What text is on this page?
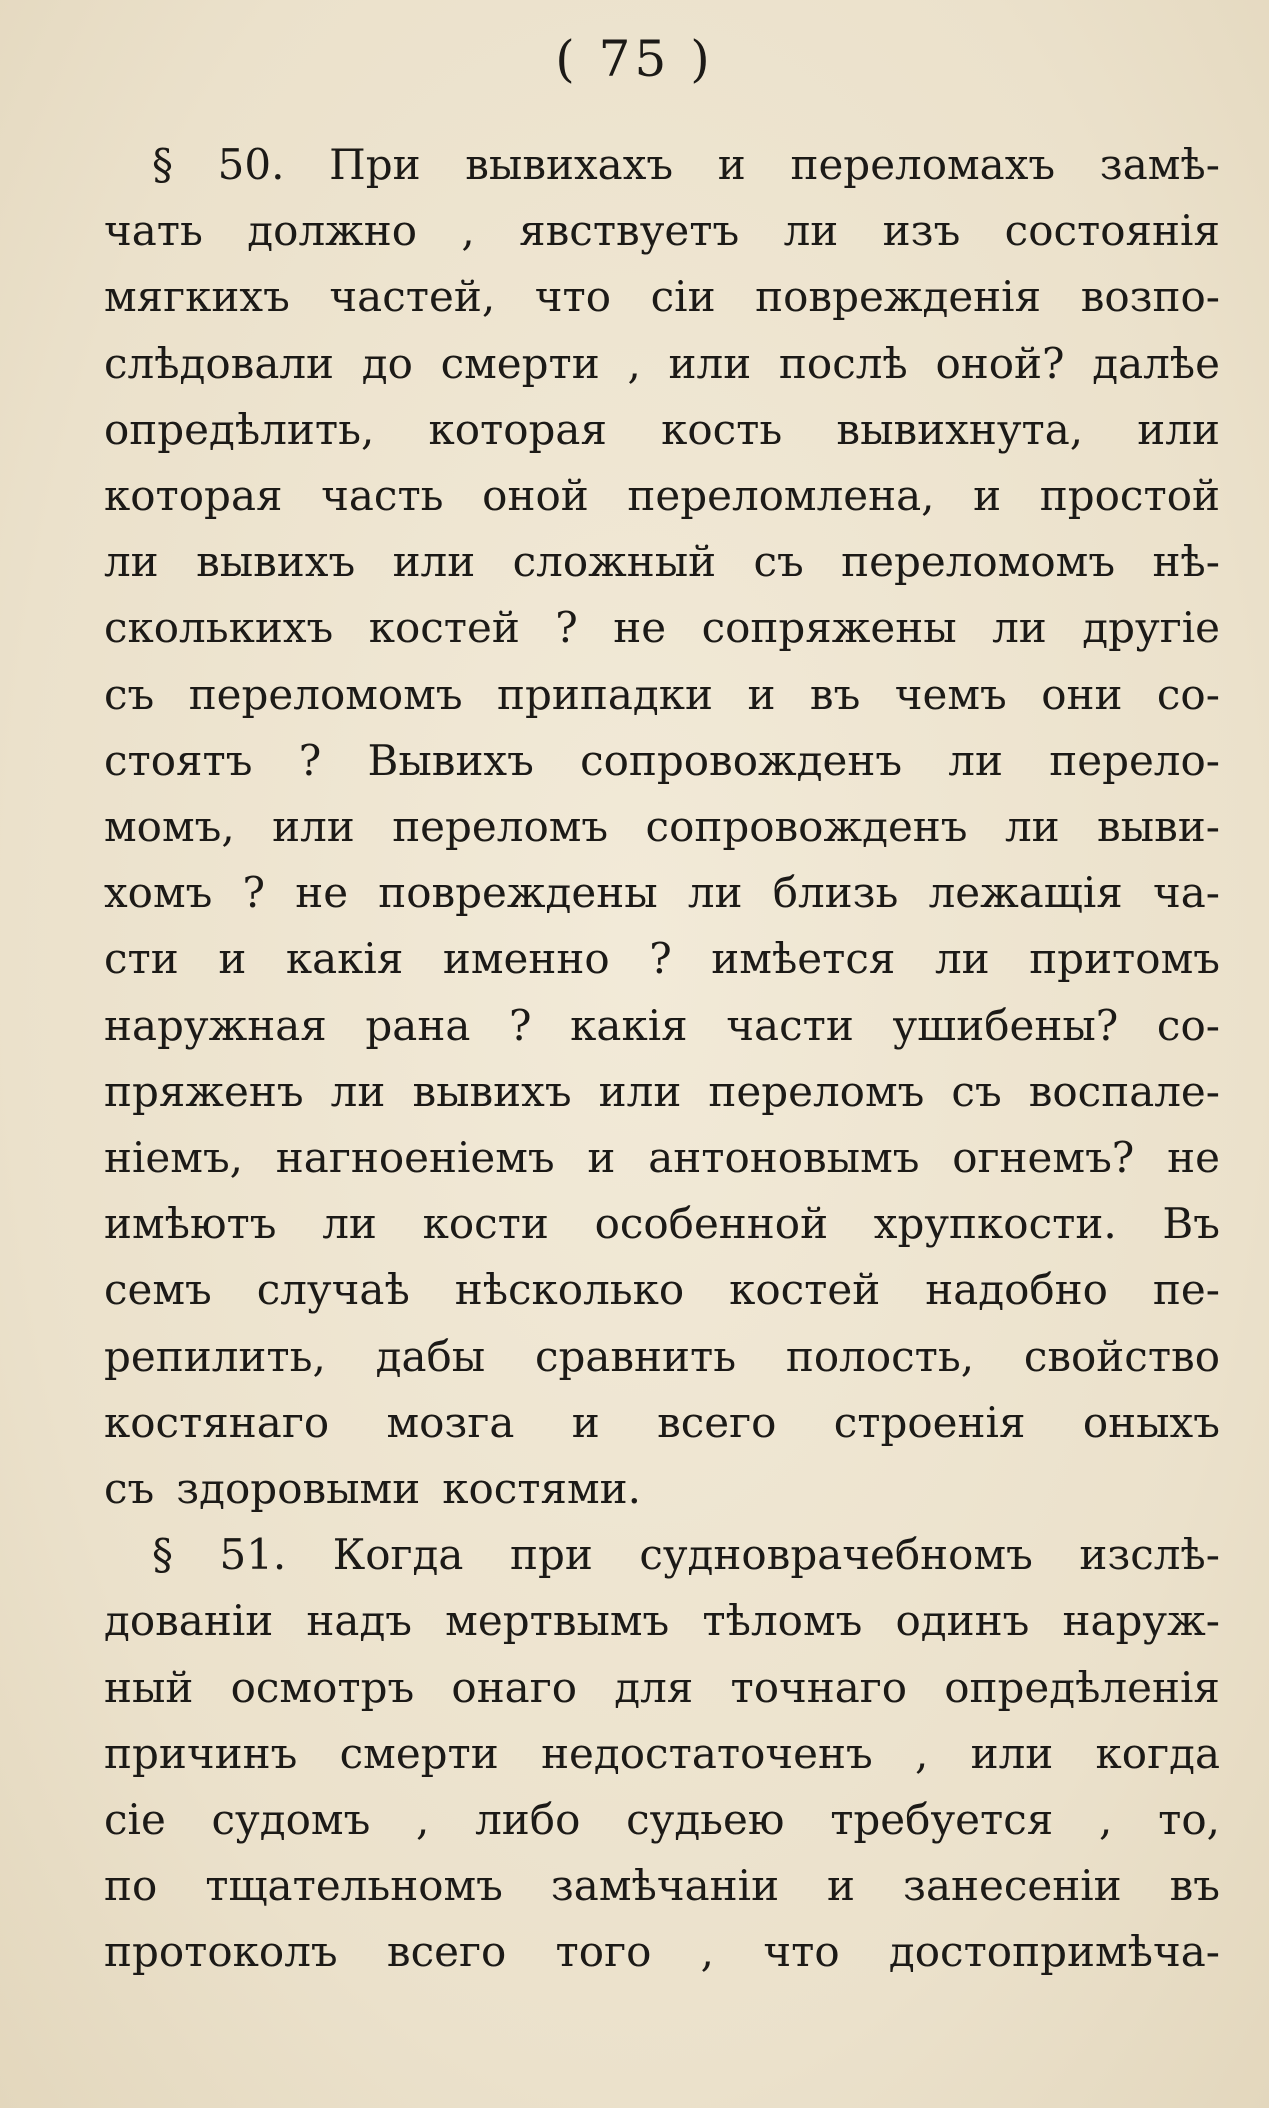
( 75 )
§ 50. При вывихахъ и переломахъ замѣ-
чать должно , явствуетъ ли изъ состоянія
мягкихъ частей, что сіи поврежденія возпо-
слѣдовали до смерти , или послѣ оной? далѣе
опредѣлить, которая кость вывихнута, или
которая часть оной переломлена, и простой
ли вывихъ или сложный съ переломомъ нѣ-
сколькихъ костей ? не сопряжены ли другіе
съ переломомъ припадки и въ чемъ они со-
стоятъ ? Вывихъ сопровожденъ ли перело-
момъ, или переломъ сопровожденъ ли выви-
хомъ ? не повреждены ли близь лежащія ча-
сти и какія именно ? имѣется ли притомъ
наружная рана ? какія части ушибены? со-
пряженъ ли вывихъ или переломъ съ воспале-
ніемъ, нагноеніемъ и антоновымъ огнемъ? не
имѣютъ ли кости особенной хрупкости. Въ
семъ случаѣ нѣсколько костей надобно пе-
репилить, дабы сравнить полость, свойство
костянаго мозга и всего строенія оныхъ
съ здоровыми костями.
§ 51. Когда при судноврачебномъ изслѣ-
дованіи надъ мертвымъ тѣломъ одинъ наруж-
ный осмотръ онаго для точнаго опредѣленія
причинъ смерти недостаточенъ , или когда
сіе судомъ , либо судьею требуется , то,
по тщательномъ замѣчаніи и занесеніи въ
протоколъ всего того , что достопримѣча-
